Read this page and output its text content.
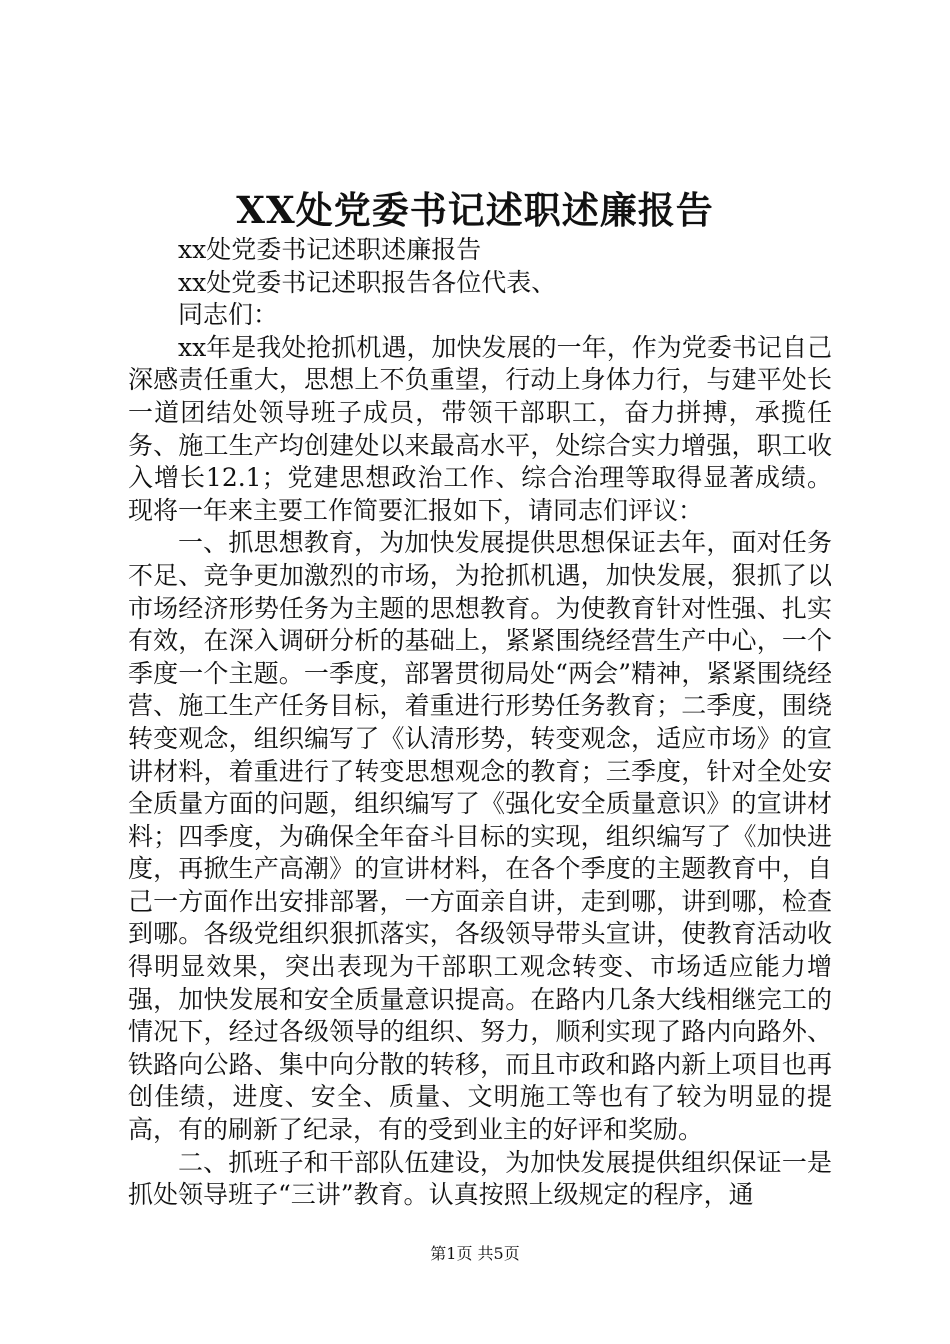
XX处党委书记述职述廉报告

xx处党委书记述职述廉报告

xx处党委书记述职报告各位代表、

同志们：

xx年是我处抢抓机遇，加快发展的一年，作为党委书记自己深感责任重大，思想上不负重望，行动上身体力行，与建平处长一道团结处领导班子成员，带领干部职工，奋力拼搏，承揽任务、施工生产均创建处以来最高水平，处综合实力增强，职工收入增长12.1；党建思想政治工作、综合治理等取得显著成绩。现将一年来主要工作简要汇报如下，请同志们评议：

一、抓思想教育，为加快发展提供思想保证去年，面对任务不足、竞争更加激烈的市场，为抢抓机遇，加快发展，狠抓了以市场经济形势任务为主题的思想教育。为使教育针对性强、扎实有效，在深入调研分析的基础上，紧紧围绕经营生产中心，一个季度一个主题。一季度，部署贯彻局处“两会”精神，紧紧围绕经营、施工生产任务目标，着重进行形势任务教育；二季度，围绕转变观念，组织编写了《认清形势，转变观念，适应市场》的宣讲材料，着重进行了转变思想观念的教育；三季度，针对全处安全质量方面的问题，组织编写了《强化安全质量意识》的宣讲材料；四季度，为确保全年奋斗目标的实现，组织编写了《加快进度，再掀生产高潮》的宣讲材料，在各个季度的主题教育中，自己一方面作出安排部署，一方面亲自讲，走到哪，讲到哪，检查到哪。各级党组织狠抓落实，各级领导带头宣讲，使教育活动收得明显效果，突出表现为干部职工观念转变、市场适应能力增强，加快发展和安全质量意识提高。在路内几条大线相继完工的情况下，经过各级领导的组织、努力，顺利实现了路内向路外、铁路向公路、集中向分散的转移，而且市政和路内新上项目也再创佳绩，进度、安全、质量、文明施工等也有了较为明显的提高，有的刷新了纪录，有的受到业主的好评和奖励。

二、抓班子和干部队伍建设，为加快发展提供组织保证一是抓处领导班子“三讲”教育。认真按照上级规定的程序，通

第1页 共5页
